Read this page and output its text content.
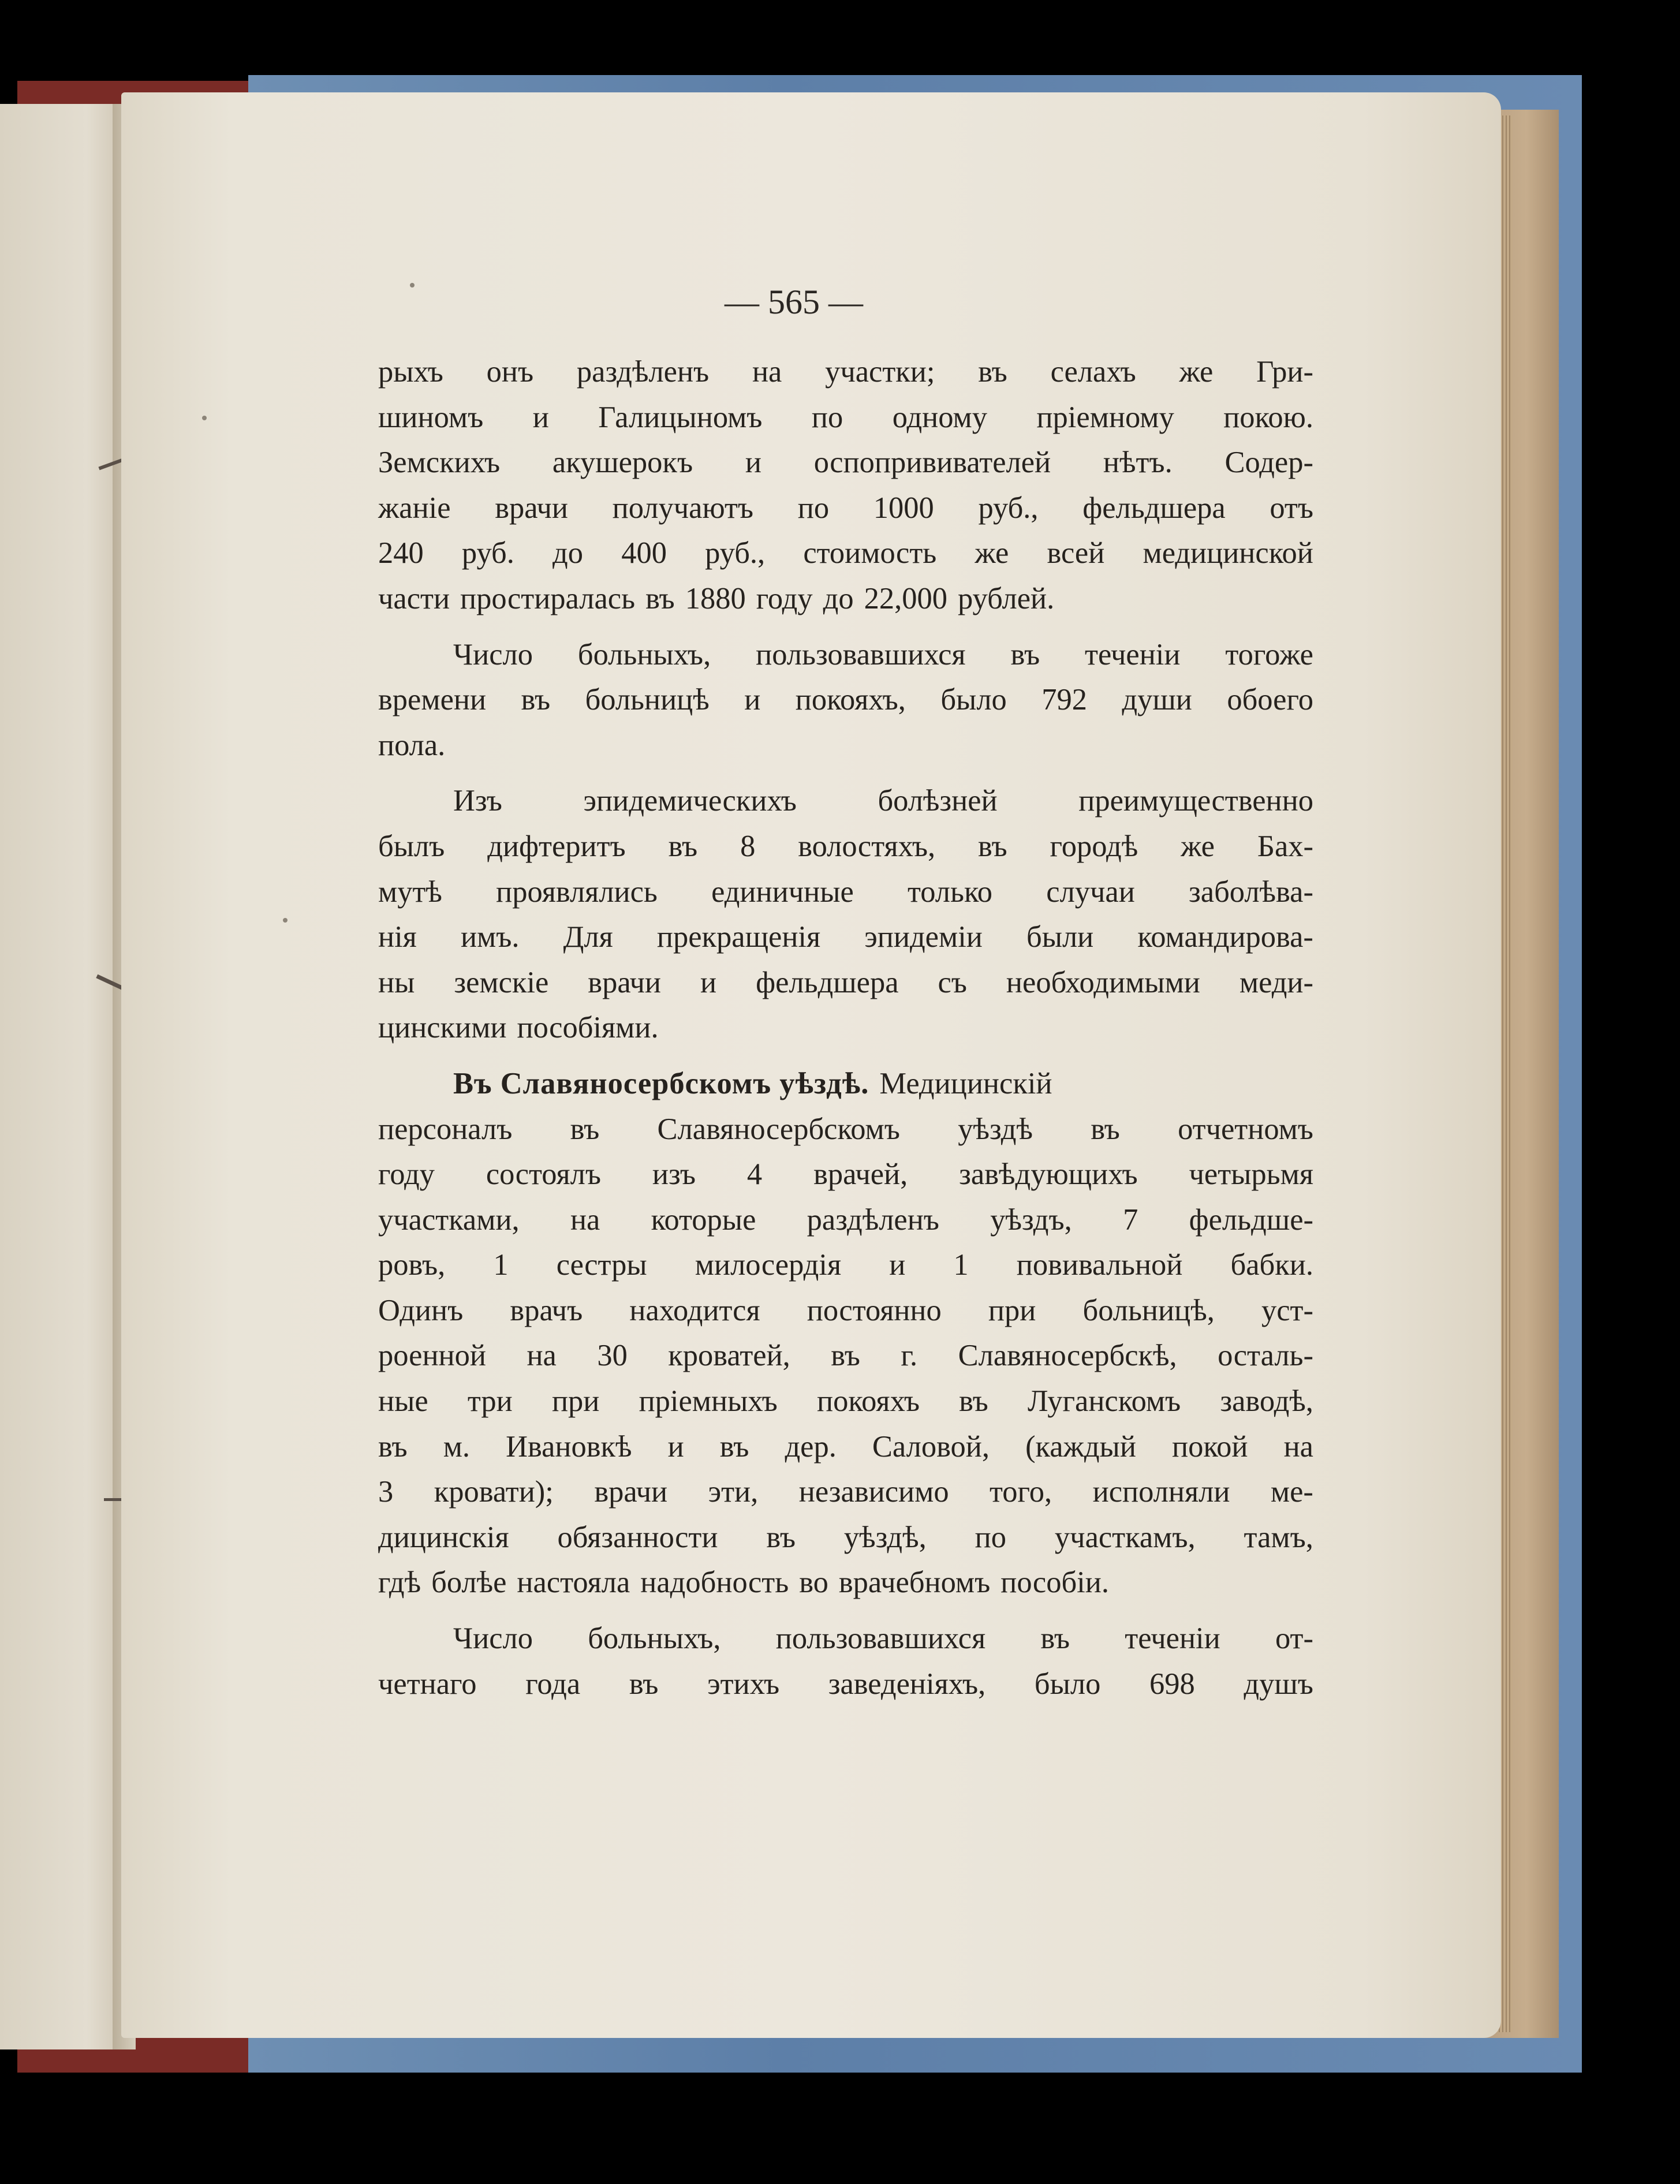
— 565 —
рыхъ онъ раздѣленъ на участки; въ селахъ же Гри-
шиномъ и Галицыномъ по одному пріемному покою.
Земскихъ акушерокъ и оспопрививателей нѣтъ. Содер-
жаніе врачи получаютъ по 1000 руб., фельдшера отъ
240 руб. до 400 руб., стоимость же всей медицинской
части простиралась въ 1880 году до 22,000 рублей.
Число больныхъ, пользовавшихся въ теченіи тогоже
времени въ больницѣ и покояхъ, было 792 души обоего
пола.
Изъ	эпидемическихъ	болѣзней	преимущественно
былъ дифтеритъ въ 8 волостяхъ, въ городѣ же Бах-
мутѣ проявлялись единичные только случаи заболѣва-
нія имъ. Для прекращенія эпидеміи были командирова-
ны земскіе врачи и фельдшера съ необходимыми меди-
цинскими пособіями.
Въ Славяносербскомъ уѣздѣ. Медицинскій
персоналъ въ Славяносербскомъ уѣздѣ въ отчетномъ
году состоялъ изъ 4 врачей, завѣдующихъ четырьмя
участками, на которые раздѣленъ уѣздъ, 7 фельдше-
ровъ, 1 сестры милосердія и 1 повивальной бабки.
Одинъ врачъ находится постоянно при больницѣ, уст-
роенной на 30 кроватей, въ г. Славяносербскѣ, осталь-
ные три при пріемныхъ покояхъ въ Луганскомъ заводѣ,
въ м. Ивановкѣ и въ дер. Саловой, (каждый покой на
3 кровати); врачи эти, независимо того, исполняли ме-
дицинскія обязанности въ уѣздѣ, по участкамъ, тамъ,
гдѣ болѣе настояла надобность во врачебномъ пособіи.
Число больныхъ, пользовавшихся въ теченіи от-
четнаго года въ этихъ заведеніяхъ, было 698 душъ
